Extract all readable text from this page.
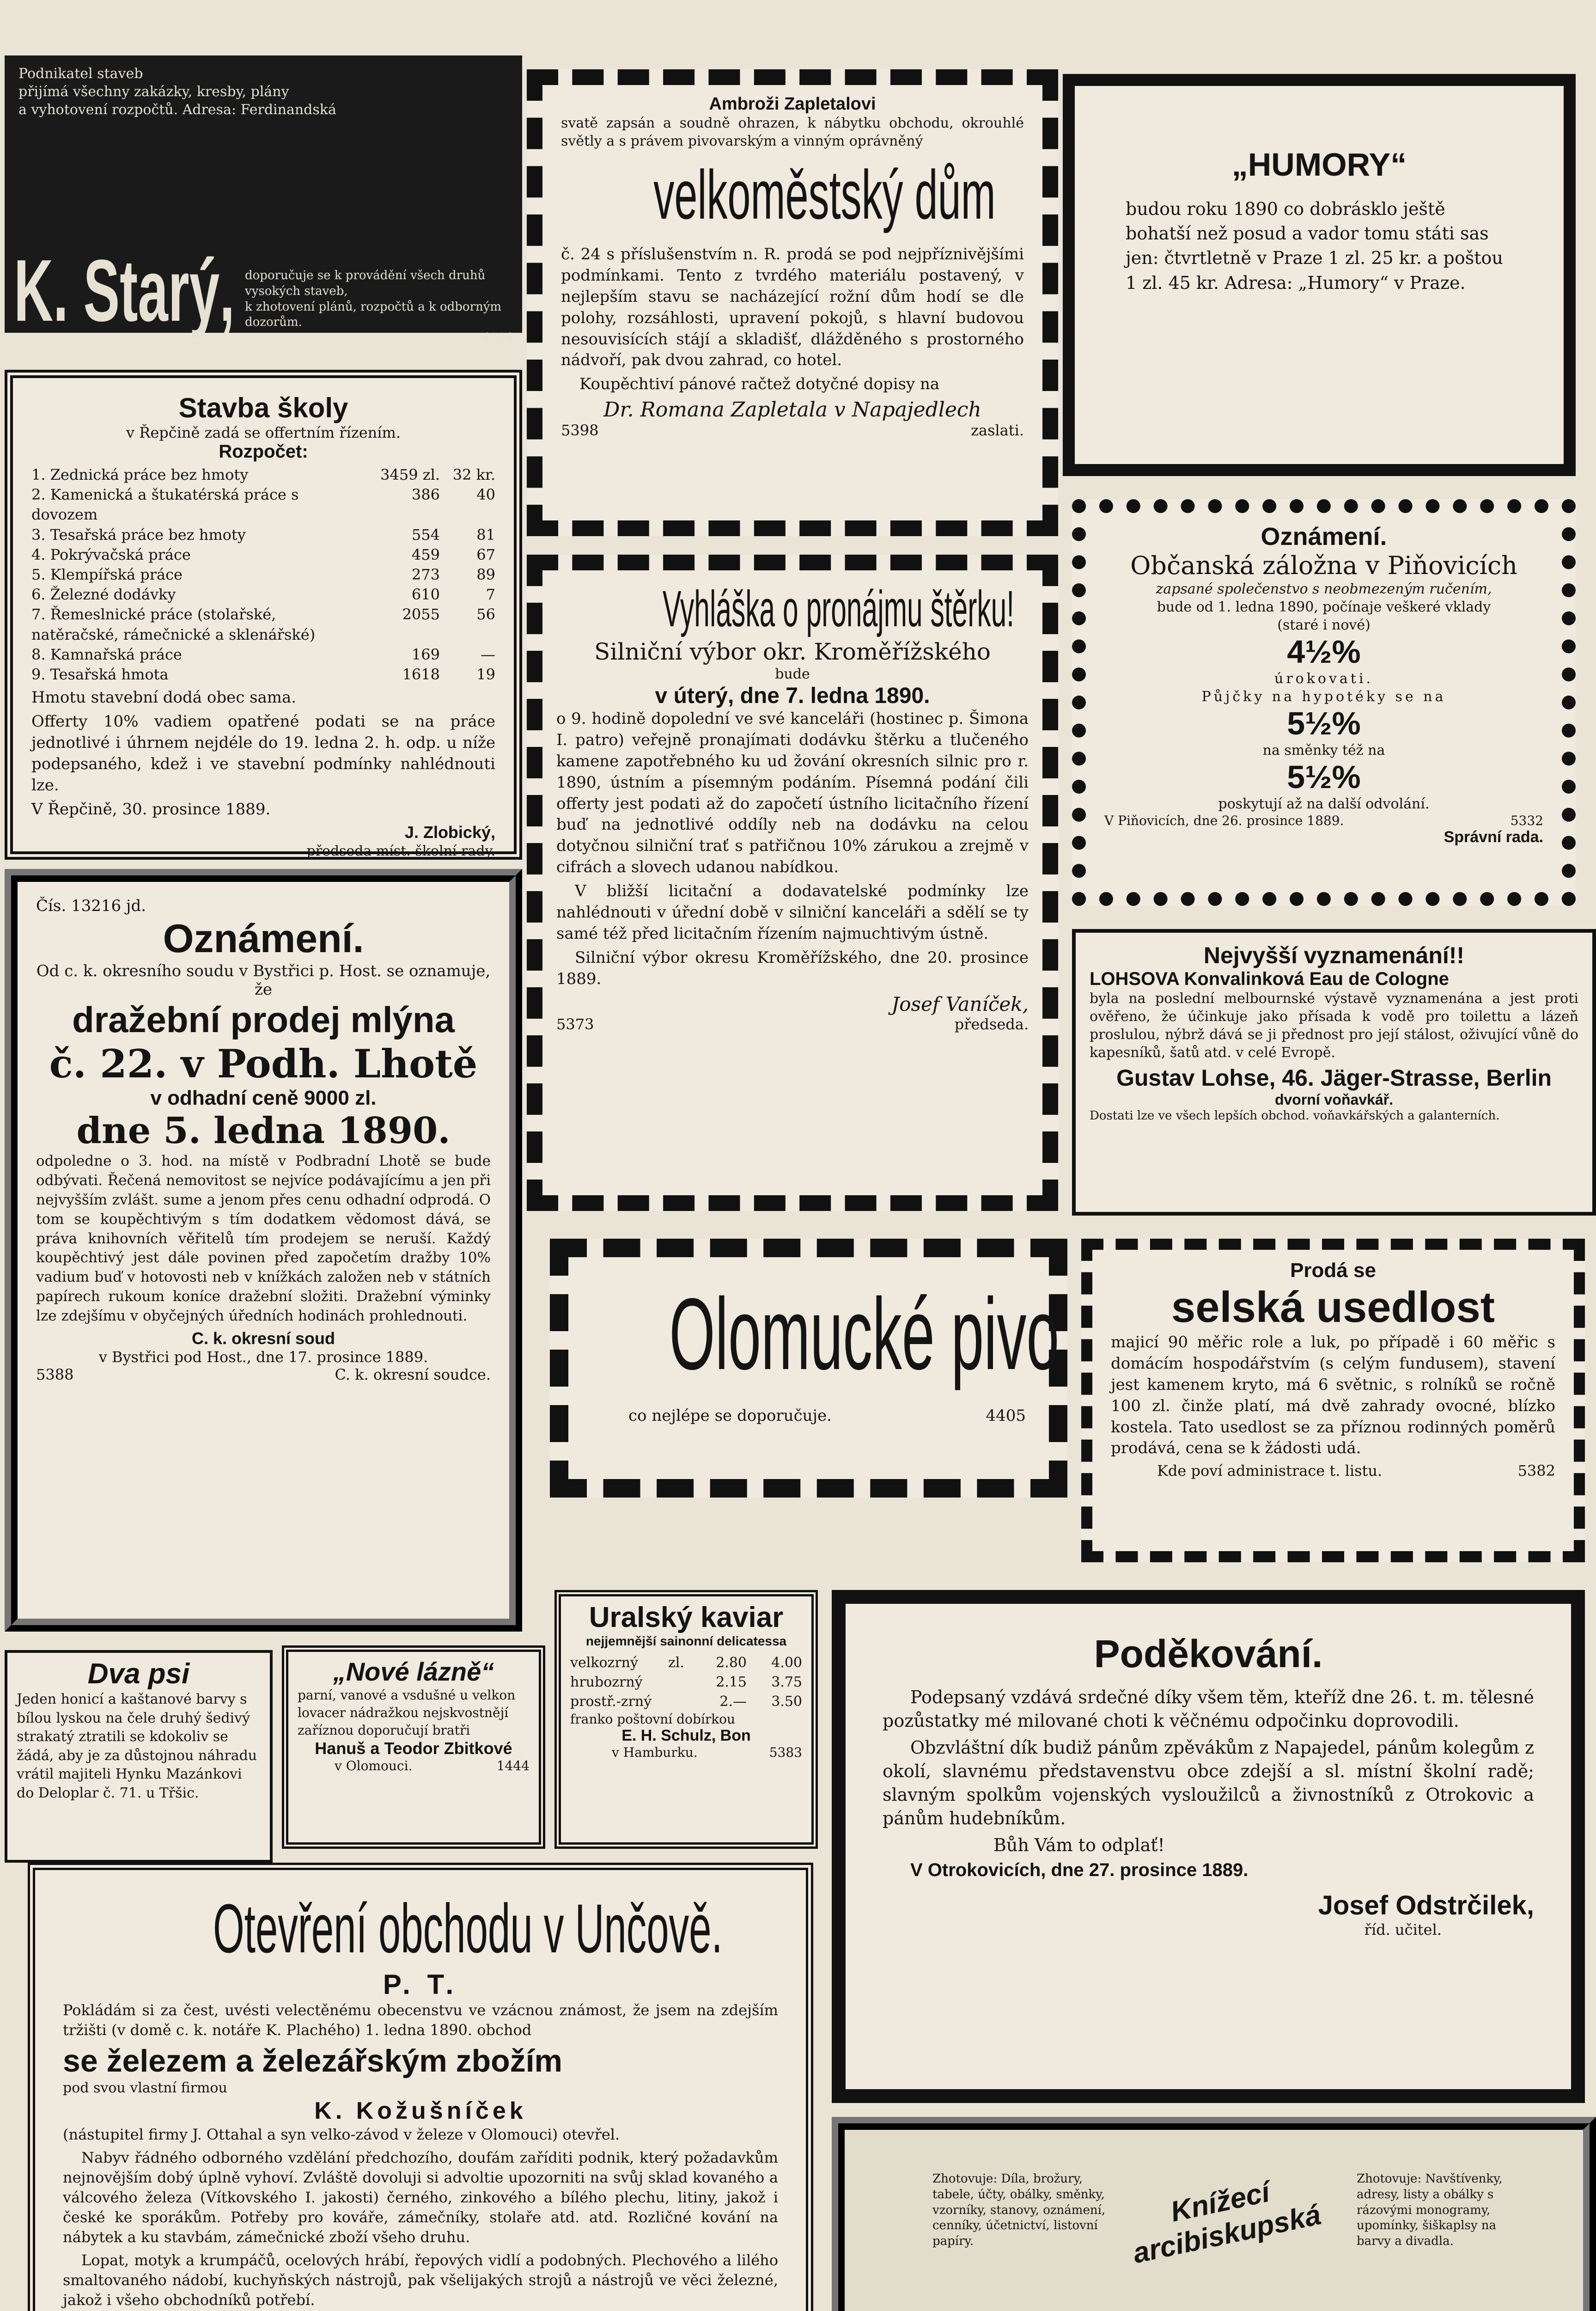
Podnikatel staveb
přijímá všechny zakázky, kresby, plány
a vyhotovení rozpočtů. Adresa: Ferdinandská
K. Starý, doporučuje se k provádění všech druhů vysokých staveb,
k zhotovení plánů, rozpočtů a k odborným dozorům.
4204
Stavba školy
v Řepčině zadá se offertním řízením.
Rozpočet:
1. Zednická práce bez hmoty	3459 zl. 32 kr.
2. Kamenická a štukatérská práce s dovozem
386	40
3. Tesařská práce bez hmoty	554	81
4. Pokrývačská práce	459	67
5. Klempířská práce	273	89
6. Železné dodávky	610	7
7. Řemeslnické práce (stolařské, natěračské, rámečnické a sklenářské)
2055	56
8. Kamnařská práce	169	—
9. Tesařská hmota	1618	19
Hmotu stavební dodá obec sama.
Offerty 10% vadiem opatřené podati se na práce jednotlivé i úhrnem nejdéle do 19. ledna 2. h. odp. u níže podepsaného, kdež i ve stavební podmínky nahlédnouti lze.
V Řepčině, 30. prosince 1889.
J. Zlobický,
předseda míst. školní rady.
Ambroži Zapletalovi
svatě zapsán a soudně ohrazen, k nábytku obchodu, okrouhlé světly a s právem pivovarským a vinným oprávněný
velkoměstský dům
č. 24 s příslušenstvím n. R. prodá se pod nejpříznivějšími podmínkami. Tento z tvrdého materiálu postavený, v nejlepším stavu se nacházející rožní dům hodí se dle polohy, rozsáhlosti, upravení pokojů, s hlavní budovou nesouvisících stájí a skladišť, dlážděného s prostorného nádvoří, pak dvou zahrad, co hotel.
Koupěchtiví pánové račtež dotyčné dopisy na
Dr. Romana Zapletala v Napajedlech
5398	zaslati.
„HUMORY“
budou roku 1890 co dobrásklo ještě bohatší než posud a vador tomu státi sas jen: čtvrtletně v Praze 1 zl. 25 kr. a poštou 1 zl. 45 kr. Adresa: „Humory“ v Praze.
Oznámení.
Občanská záložna v Piňovicích
zapsané společenstvo s neobmezeným ručením,
bude od 1. ledna 1890, počínaje veškeré vklady
(staré i nové)
4½%
úrokovati.
Půjčky na hypotéky se na
5½%
na směnky též na
5½%
poskytují až na další odvolání.
V Piňovicích, dne 26. prosince 1889.	5332
Správní rada.
Vyhláška o pronájmu štěrku!
Silniční výbor okr. Kroměřížského
bude
v úterý, dne 7. ledna 1890.
o 9. hodině dopolední ve své kanceláři (hostinec p. Šimona I. patro) veřejně pronajímati dodávku štěrku a tlučeného kamene zapotřebného ku ud žování okresních silnic pro r. 1890, ústním a písemným podáním. Písemná podání čili offerty jest podati až do započetí ústního licitačního řízení buď na jednotlivé oddíly neb na dodávku na celou dotyčnou silniční trať s patřičnou 10% zárukou a zrejmě v cifrách a slovech udanou nabídkou.
V bližší licitační a dodavatelské podmínky lze nahlédnouti v úřední době v silniční kanceláři a sdělí se ty samé též před licitačním řízením najmuchtivým ústně.
Silniční výbor okresu Kroměřížského, dne 20. prosince 1889.
Josef Vaníček,
5373	předseda.
Nejvyšší vyznamenání!!
LOHSOVA Konvalinková Eau de Cologne
byla na poslední melbournské výstavě vyznamenána a jest proti ověřeno, že účinkuje jako přísada k vodě pro toilettu a lázeň proslulou, nýbrž dává se ji přednost pro její stálost, oživující vůně do kapesníků, šatů atd. v celé Evropě.
Gustav Lohse, 46. Jäger-Strasse, Berlin
dvorní voňavkář.
Dostati lze ve všech lepších obchod. voňavkářských a galanterních.
Čís. 13216 jd.
Oznámení.
Od c. k. okresního soudu v Bystřici p. Host. se oznamuje, že
dražební prodej mlýna
č. 22. v Podh. Lhotě
v odhadní ceně 9000 zl.
dne 5. ledna 1890.
odpoledne o 3. hod. na místě v Podbradní Lhotě se bude odbývati. Řečená nemovitost se nejvíce podávajícímu a jen při nejvyšším zvlášt. sume a jenom přes cenu odhadní odprodá. O tom se koupěchtivým s tím dodatkem vědomost dává, se práva knihovních věřitelů tím prodejem se neruší. Každý koupěchtivý jest dále povinen před započetím dražby 10% vadium buď v hotovosti neb v knížkách založen neb v státních papírech rukoum koníce dražební složiti. Dražební výminky lze zdejšímu v obyčejných úředních hodinách prohlednouti.
C. k. okresní soud
v Bystřici pod Host., dne 17. prosince 1889.
5388	C. k. okresní soudce. Olomucké pivo
co nejlépe se doporučuje.	4405
Prodá se
selská usedlost
majicí 90 měřic role a luk, po případě i 60 měřic s domácím hospodářstvím (s celým fundusem), stavení jest kamenem kryto, má 6 světnic, s rolníků se ročně 100 zl. činže platí, má dvě zahrady ovocné, blízko kostela. Tato usedlost se za příznou rodinných poměrů prodává, cena se k žádosti udá.
Kde poví administrace t. listu.	5382
Dva psi
Jeden honicí a kaštanové barvy s bílou lyskou na čele druhý šedivý strakatý ztratili se kdokoliv se žádá, aby je za důstojnou náhradu vrátil majiteli Hynku Mazánkovi do Deloplar č. 71. u Třšic.
„Nové lázně“
parní, vanové a vsdušné u velkon lovacer nádražkou nejskvostnějí zaříznou doporučují bratři
Hanuš a Teodor Zbitkové
v Olomouci.	1444
Uralský kaviar
nejjemnější sainonní delicatessa
velkozrný	zl.	2.80	4.00
hrubozrný	2.15	3.75
prostř.-zrný	2.—	3.50
franko poštovní dobírkou
E. H. Schulz, Bon
v Hamburku.	5383
Poděkování.
Podepsaný vzdává srdečné díky všem těm, kteříž dne 26. t. m. tělesné pozůstatky mé milované choti k věčnému odpočinku doprovodili.
Obzvláštní dík budiž pánům zpěvákům z Napajedel, pánům kolegům z okolí, slavnému představenstvu obce zdejší a sl. místní školní radě; slavným spolkům vojenských vysloužilců a živnostníků z Otrokovic a pánům hudebníkům.
Bůh Vám to odplať!
V Otrokovicích, dne 27. prosince 1889.
Josef Odstrčilek,
říd. učitel.
Otevření obchodu v Unčově.
P. T.
Pokládám si za čest, uvésti velectěnému obecenstvu ve vzácnou známost, že jsem na zdejším tržišti (v domě c. k. notáře K. Plachého) 1. ledna 1890. obchod
se železem a železářským zbožím
pod svou vlastní firmou
K. Kožušníček
(nástupitel firmy J. Ottahal a syn velko-závod v železe v Olomouci) otevřel.
Nabyv řádného odborného vzdělání předchozího, doufám zaříditi podnik, který požadavkům nejnovějším dobý úplně vyhoví. Zvláště dovoluji si advoltie upozorniti na svůj sklad kovaného a válcového železa (Vítkovského I. jakosti) černého, zinkového a bílého plechu, litiny, jakož i české ke sporákům. Potřeby pro kováře, zámečníky, stolaře atd. atd. Rozličné kování na nábytek a ku stavbám, zámečnické zboží všeho druhu.
Lopat, motyk a krumpáčů, ocelových hrábí, řepových vidlí a podobných. Plechového a lilého smaltovaného nádobí, kuchyňských nástrojů, pak všelijakých strojů a nástrojů ve věci železné, jakož i všeho obchodníků potřebí.
Zhotovuje: Díla, brožury, tabele, účty, obálky, směnky, vzorníky, stanovy, oznámení, cenníky, účetnictví, listovní papíry.
Zhotovuje: Navštívenky, adresy, listy a obálky s rázovými monogramy, upomínky, šiškaplsy na barvy a divadla.
Knížecí arcibiskupská
